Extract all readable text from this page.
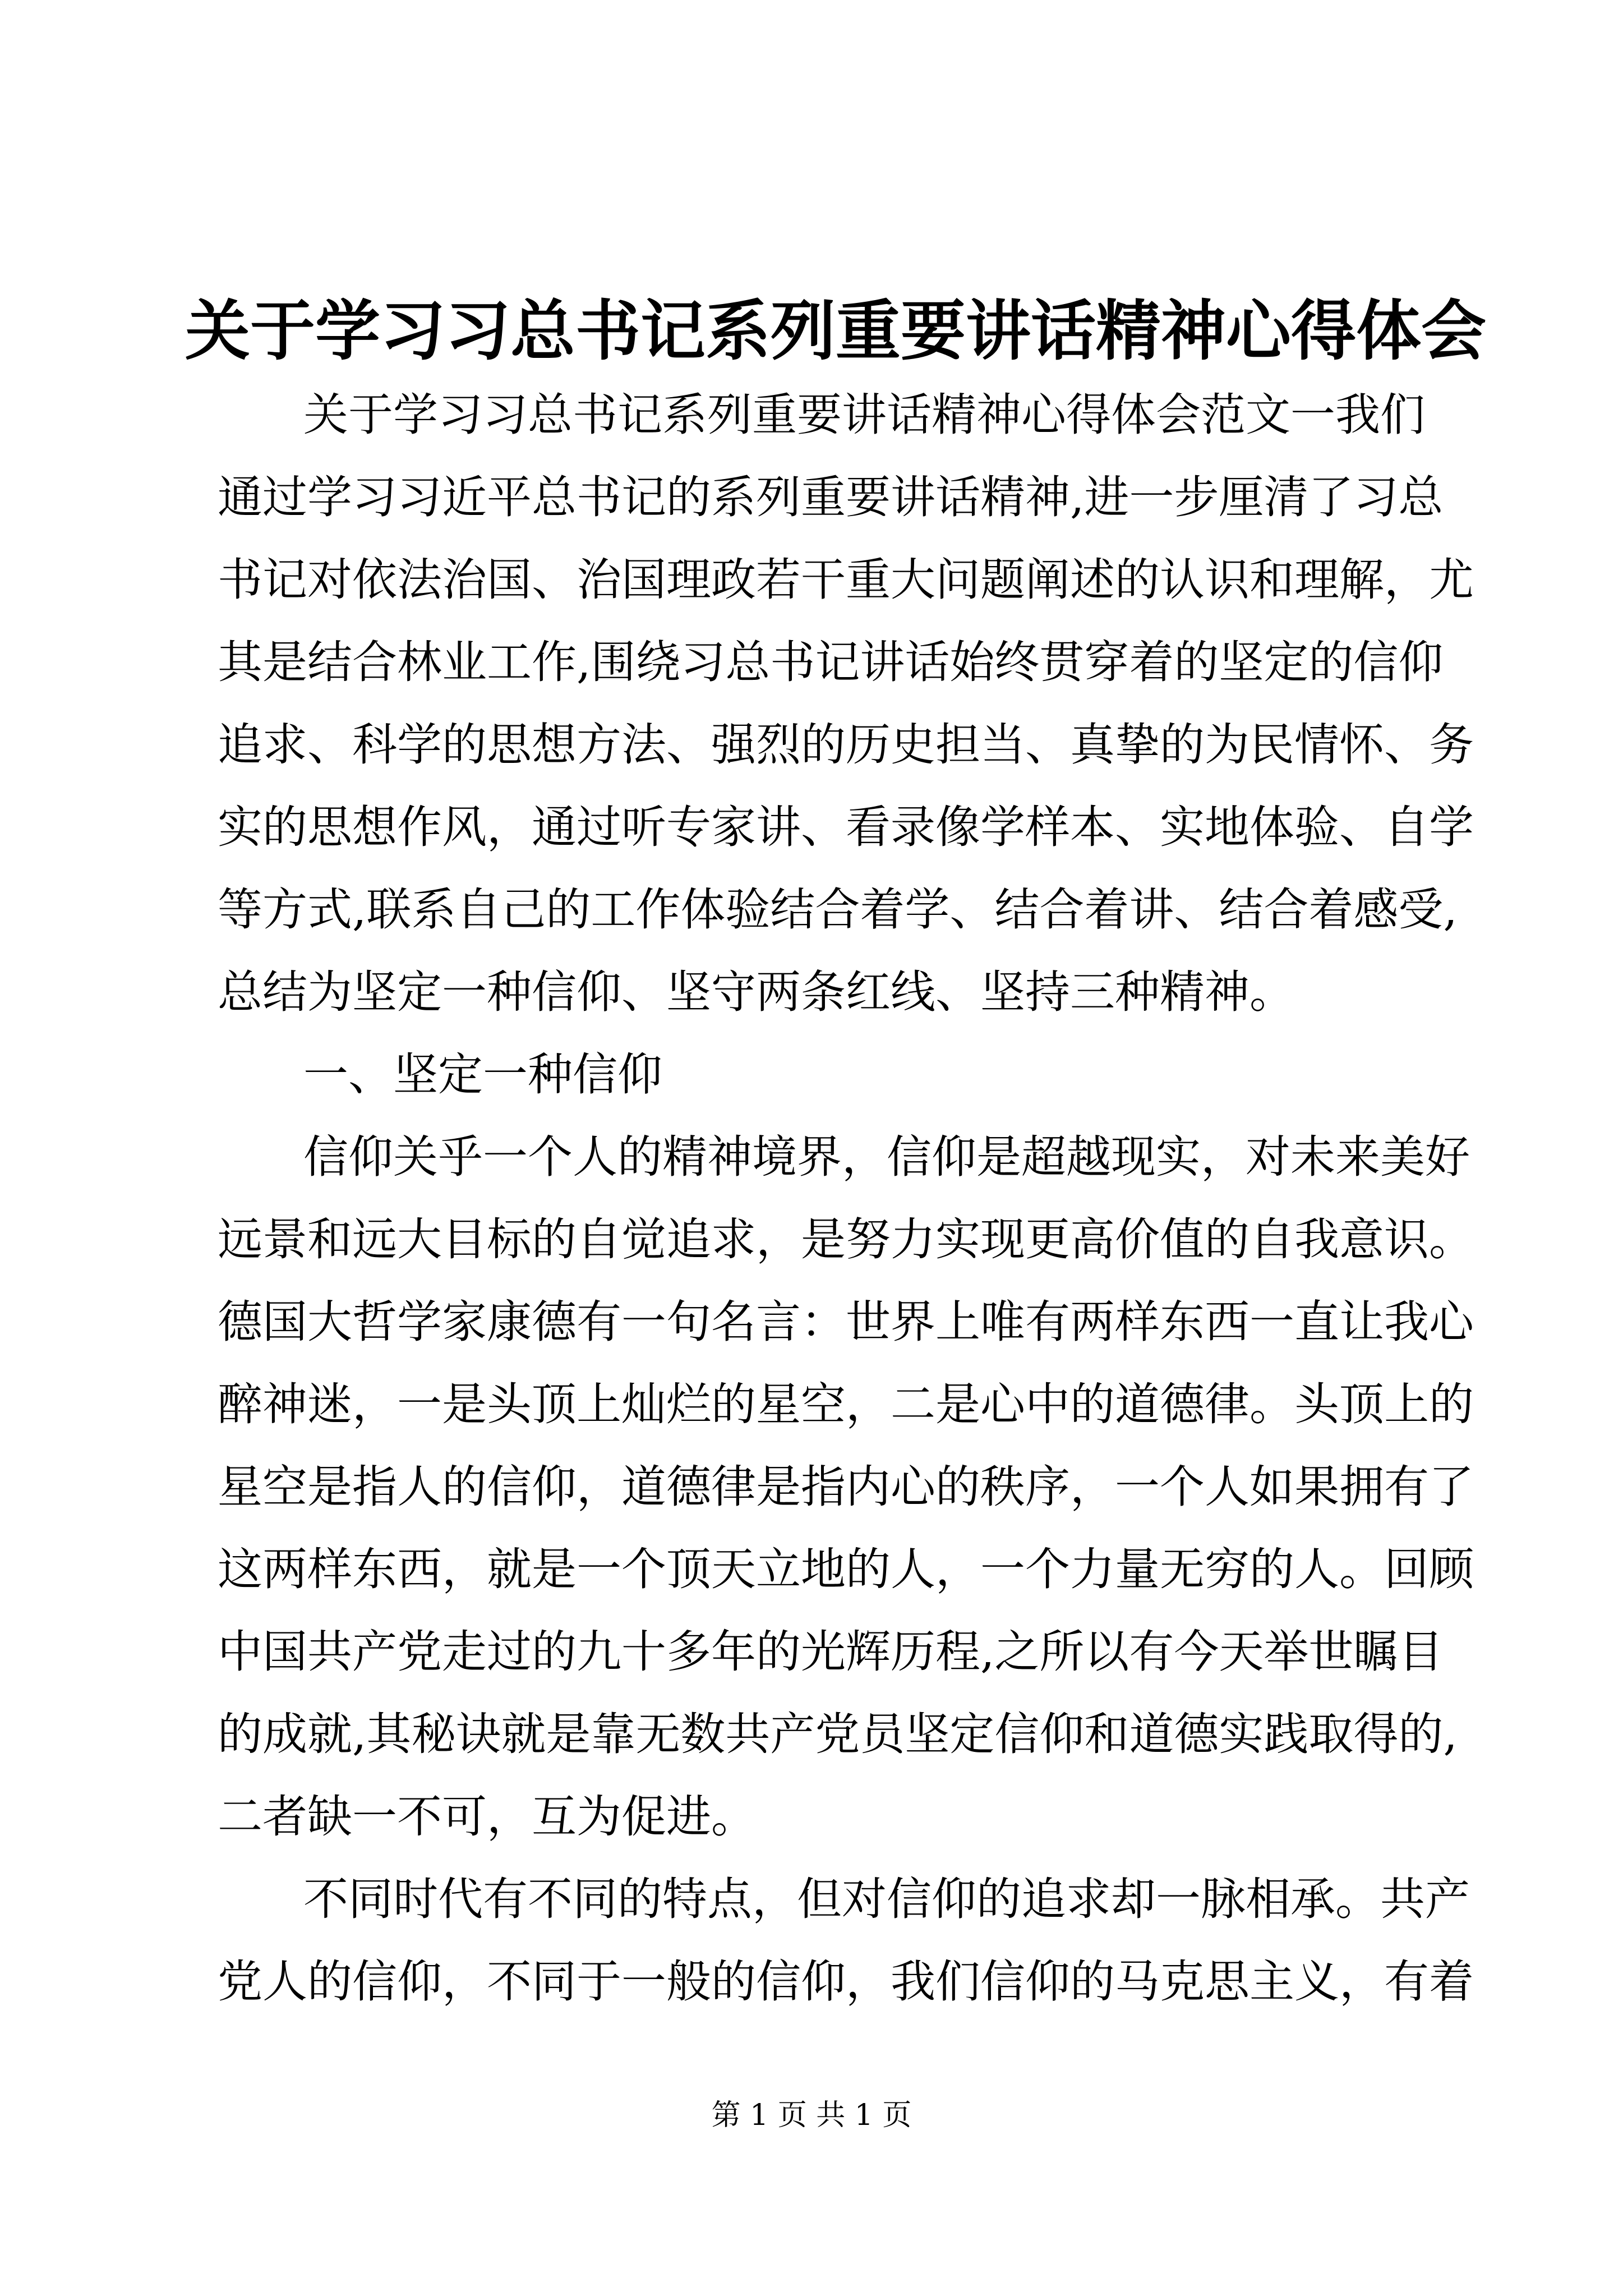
关于学习习总书记系列重要讲话精神心得体会

关于学习习总书记系列重要讲话精神心得体会范文一我们

通过学习习近平总书记的系列重要讲话精神,进一步厘清了习总

书记对依法治国、治国理政若干重大问题阐述的认识和理解，尤

其是结合林业工作,围绕习总书记讲话始终贯穿着的坚定的信仰

追求、科学的思想方法、强烈的历史担当、真挚的为民情怀、务

实的思想作风，通过听专家讲、看录像学样本、实地体验、自学

等方式,联系自己的工作体验结合着学、结合着讲、结合着感受,

总结为坚定一种信仰、坚守两条红线、坚持三种精神。

一、坚定一种信仰

信仰关乎一个人的精神境界，信仰是超越现实，对未来美好

远景和远大目标的自觉追求，是努力实现更高价值的自我意识。

德国大哲学家康德有一句名言：世界上唯有两样东西一直让我心

醉神迷，一是头顶上灿烂的星空，二是心中的道德律。头顶上的

星空是指人的信仰，道德律是指内心的秩序，一个人如果拥有了

这两样东西，就是一个顶天立地的人，一个力量无穷的人。回顾

中国共产党走过的九十多年的光辉历程,之所以有今天举世瞩目

的成就,其秘诀就是靠无数共产党员坚定信仰和道德实践取得的,

二者缺一不可，互为促进。

不同时代有不同的特点，但对信仰的追求却一脉相承。共产

党人的信仰，不同于一般的信仰，我们信仰的马克思主义，有着

第 1 页 共 1 页
